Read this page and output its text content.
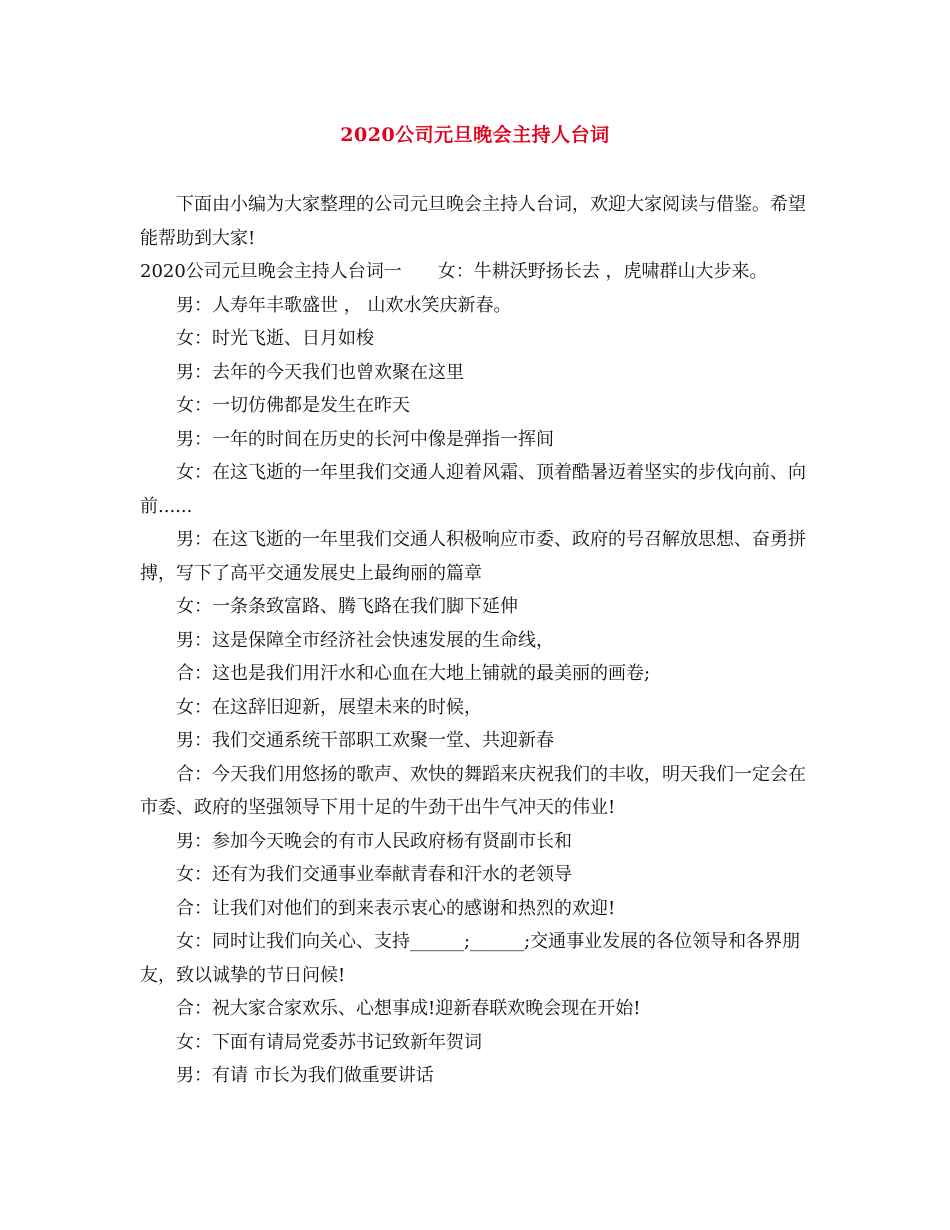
2020公司元旦晚会主持人台词

下面由小编为大家整理的公司元旦晚会主持人台词，欢迎大家阅读与借鉴。希望能帮助到大家!

2020公司元旦晚会主持人台词一　　女：牛耕沃野扬长去 ，虎啸群山大步来。

男：人寿年丰歌盛世 ， 山欢水笑庆新春。

女：时光飞逝、日月如梭

男：去年的今天我们也曾欢聚在这里

女：一切仿佛都是发生在昨天

男：一年的时间在历史的长河中像是弹指一挥间

女：在这飞逝的一年里我们交通人迎着风霜、顶着酷暑迈着坚实的步伐向前、向前......

男：在这飞逝的一年里我们交通人积极响应市委、政府的号召解放思想、奋勇拼搏，写下了高平交通发展史上最绚丽的篇章

女：一条条致富路、腾飞路在我们脚下延伸

男：这是保障全市经济社会快速发展的生命线，

合：这也是我们用汗水和心血在大地上铺就的最美丽的画卷;

女：在这辞旧迎新，展望未来的时候，

男：我们交通系统干部职工欢聚一堂、共迎新春

合：今天我们用悠扬的歌声、欢快的舞蹈来庆祝我们的丰收，明天我们一定会在市委、政府的坚强领导下用十足的牛劲干出牛气冲天的伟业!

男：参加今天晚会的有市人民政府杨有贤副市长和

女：还有为我们交通事业奉献青春和汗水的老领导

合：让我们对他们的到来表示衷心的感谢和热烈的欢迎!

女：同时让我们向关心、支持______;______;交通事业发展的各位领导和各界朋友，致以诚挚的节日问候!

合：祝大家合家欢乐、心想事成!迎新春联欢晚会现在开始!

女：下面有请局党委苏书记致新年贺词

男：有请 市长为我们做重要讲话
